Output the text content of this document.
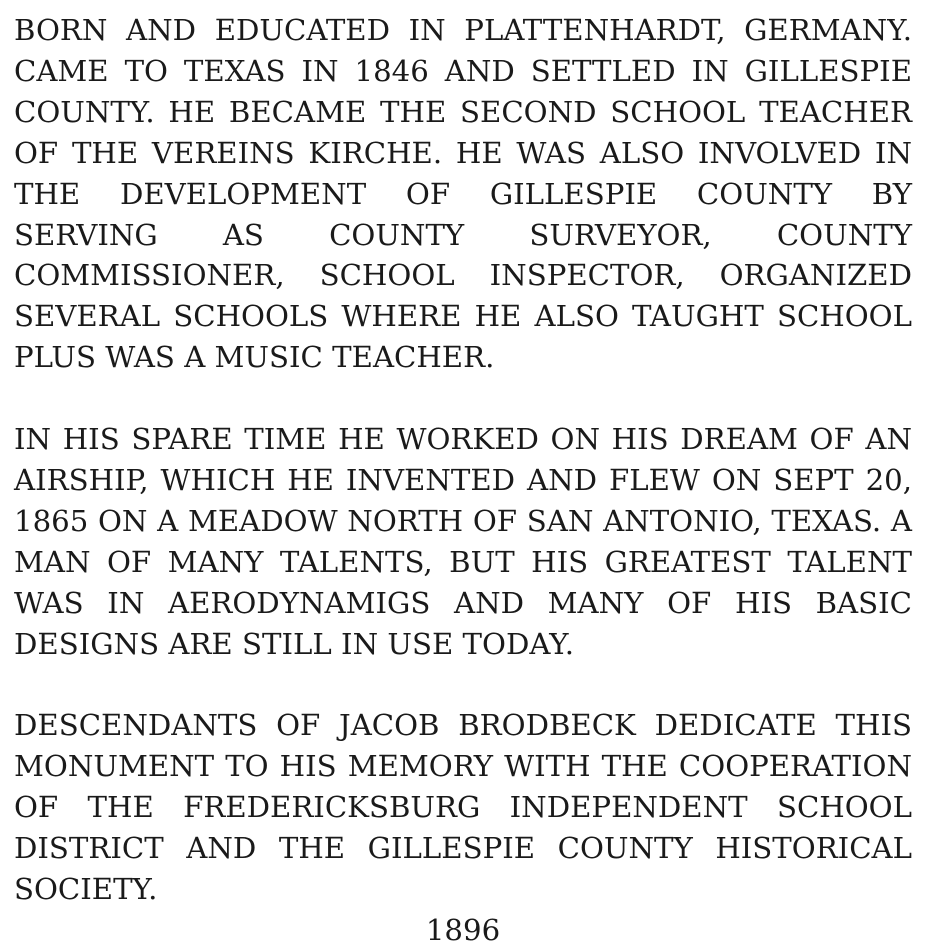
BORN AND EDUCATED IN PLATTENHARDT, GERMANY. CAME TO TEXAS IN 1846 AND SETTLED IN GILLESPIE COUNTY. HE BECAME THE SECOND SCHOOL TEACHER OF THE VEREINS KIRCHE. HE WAS ALSO INVOLVED IN THE DEVELOPMENT OF GILLESPIE COUNTY BY SERVING AS COUNTY SURVEYOR, COUNTY COMMISSIONER, SCHOOL INSPECTOR, ORGANIZED SEVERAL SCHOOLS WHERE HE ALSO TAUGHT SCHOOL PLUS WAS A MUSIC TEACHER.

IN HIS SPARE TIME HE WORKED ON HIS DREAM OF AN AIRSHIP, WHICH HE INVENTED AND FLEW ON SEPT 20, 1865 ON A MEADOW NORTH OF SAN ANTONIO, TEXAS. A MAN OF MANY TALENTS, BUT HIS GREATEST TALENT WAS IN AERODYNAMIGS AND MANY OF HIS BASIC DESIGNS ARE STILL IN USE TODAY.

DESCENDANTS OF JACOB BRODBECK DEDICATE THIS MONUMENT TO HIS MEMORY WITH THE COOPERATION OF THE FREDERICKSBURG INDEPENDENT SCHOOL DISTRICT AND THE GILLESPIE COUNTY HISTORICAL SOCIETY.

1896
